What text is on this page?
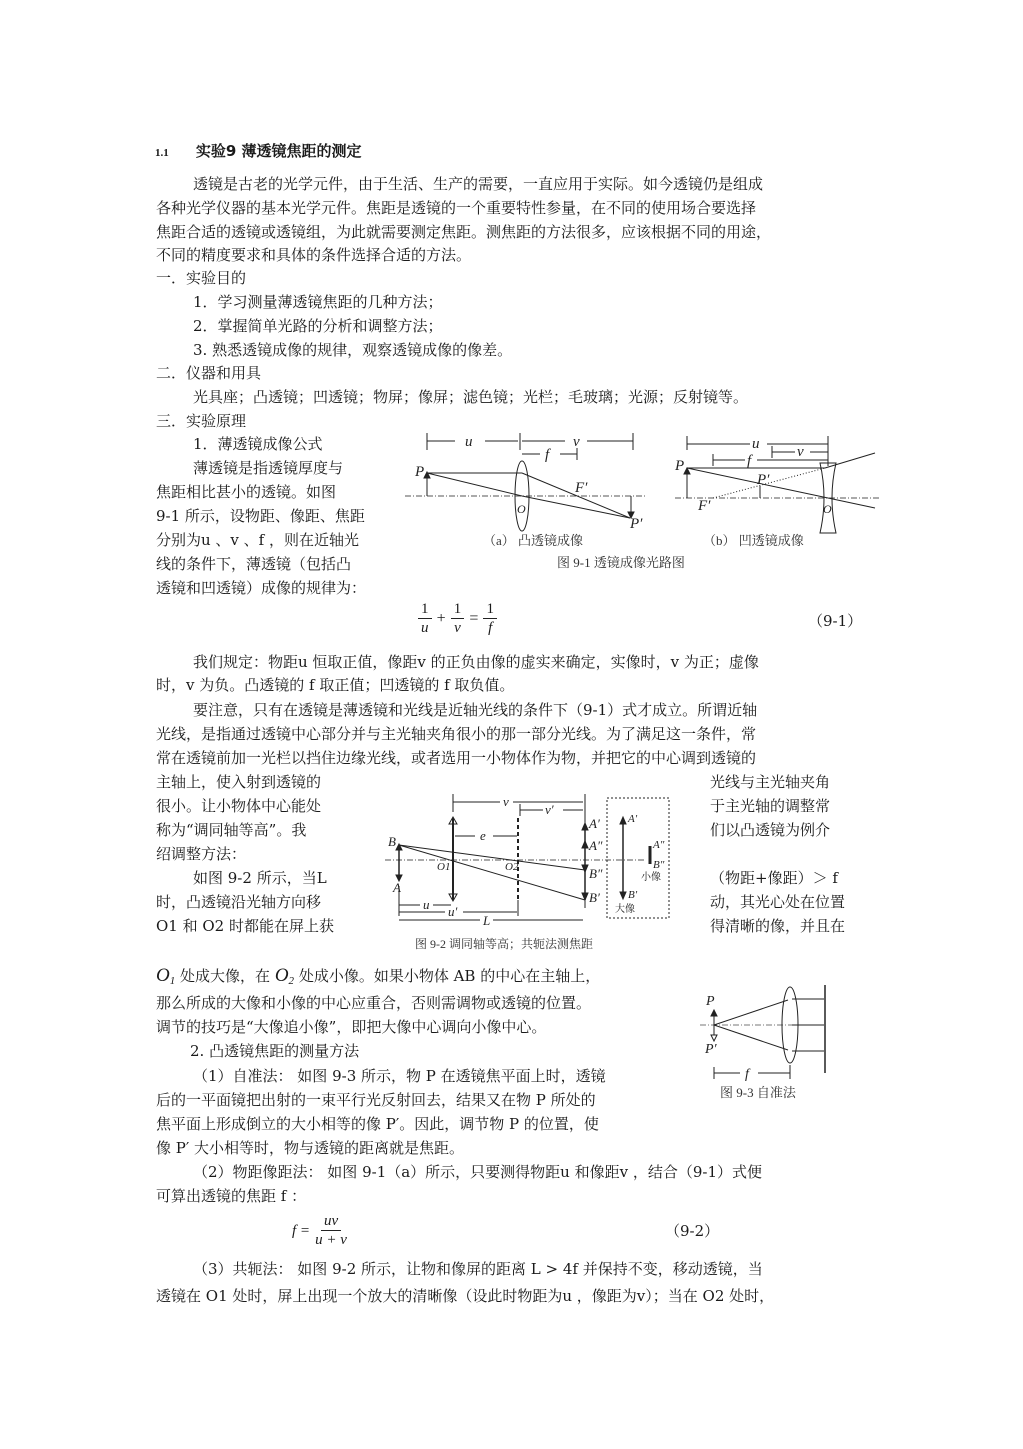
1.1 实验9 薄透镜焦距的测定
透镜是古老的光学元件，由于生活、生产的需要，一直应用于实际。如今透镜仍是组成
各种光学仪器的基本光学元件。焦距是透镜的一个重要特性参量，在不同的使用场合要选择
焦距合适的透镜或透镜组，为此就需要测定焦距。测焦距的方法很多，应该根据不同的用途，
不同的精度要求和具体的条件选择合适的方法。
一．实验目的
1．学习测量薄透镜焦距的几种方法；
2．掌握简单光路的分析和调整方法；
3. 熟悉透镜成像的规律，观察透镜成像的像差。
二．仪器和用具
光具座；凸透镜；凹透镜；物屏；像屏；滤色镜；光栏；毛玻璃；光源；反射镜等。
三．实验原理
1．薄透镜成像公式
薄透镜是指透镜厚度与
焦距相比甚小的透镜。如图
9-1 所示，设物距、像距、焦距
分别为u 、v 、f ，则在近轴光
线的条件下，薄透镜（包括凸
透镜和凹透镜）成像的规律为：
u	v
f
P
F′
O
P′
u	v
f
P
P′
F′	O
（a） 凸透镜成像	（b） 凹透镜成像
图 9-1 透镜成像光路图
$\frac{1}{u} + \frac{1}{v} = \frac{1}{f}$	（9-1）
我们规定：物距u 恒取正值，像距v 的正负由像的虚实来确定，实像时，v 为正；虚像
时，v 为负。凸透镜的 f 取正值；凹透镜的 f 取负值。
要注意，只有在透镜是薄透镜和光线是近轴光线的条件下（9-1）式才成立。所谓近轴
光线，是指通过透镜中心部分并与主光轴夹角很小的那一部分光线。为了满足这一条件，常
常在透镜前加一光栏以挡住边缘光线，或者选用一小物体作为物，并把它的中心调到透镜的
主轴上，使入射到透镜的
很小。让小物体中心能处
称为“调同轴等高”。我
绍调整方法：
如图 9-2 所示，当L
时，凸透镜沿光轴方向移
O1 和 O2 时都能在屏上获
光线与主光轴夹角
于主光轴的调整常
们以凸透镜为例介
（物距+像距）＞ f
动，其光心处在位置
得清晰的像，并且在
v
v′
e
B
A
O1	O2
A′
A″
B″
B′
u u′
L
A′
A″
B″
B′
小像
大像
图 9-2 调同轴等高；共轭法测焦距
$O_1$ 处成大像，在 $O_2$ 处成小像。如果小物体 AB 的中心在主轴上，
那么所成的大像和小像的中心应重合，否则需调物或透镜的位置。
调节的技巧是“大像追小像”，即把大像中心调向小像中心。
2. 凸透镜焦距的测量方法
（1）自准法： 如图 9-3 所示，物 P 在透镜焦平面上时，透镜
后的一平面镜把出射的一束平行光反射回去，结果又在物 P 所处的
焦平面上形成倒立的大小相等的像 P′。因此，调节物 P 的位置，使
像 P′ 大小相等时，物与透镜的距离就是焦距。
P
P′
f
图 9-3 自准法
（2）物距像距法： 如图 9-1（a）所示，只要测得物距u 和像距v ，结合（9-1）式便
可算出透镜的焦距 f ：
$f = \frac{uv}{u + v}$	（9-2）
（3）共轭法： 如图 9-2 所示，让物和像屏的距离 L > 4f 并保持不变，移动透镜，当
透镜在 O1 处时，屏上出现一个放大的清晰像（设此时物距为u ，像距为v）；当在 O2 处时，
